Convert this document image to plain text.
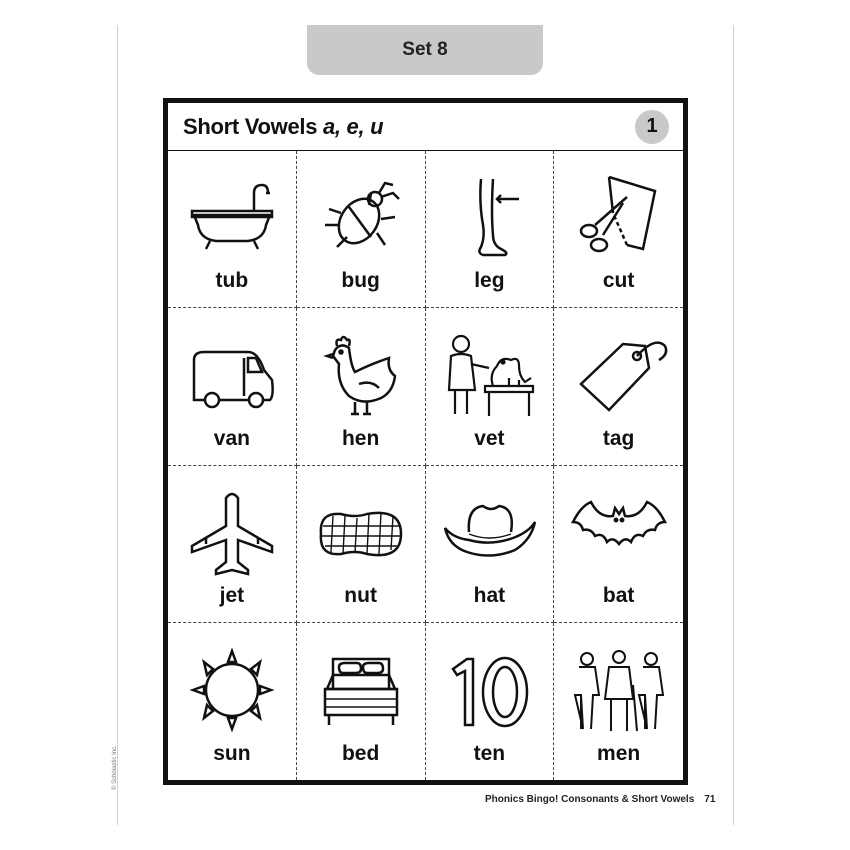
Set 8
Short Vowels a, e, u	1
tub	bug	leg	cut
van	hen	vet	tag
jet	nut	hat	bat
sun	bed	ten	men
Phonics Bingo! Consonants & Short Vowels 71
© Scholastic Inc.
